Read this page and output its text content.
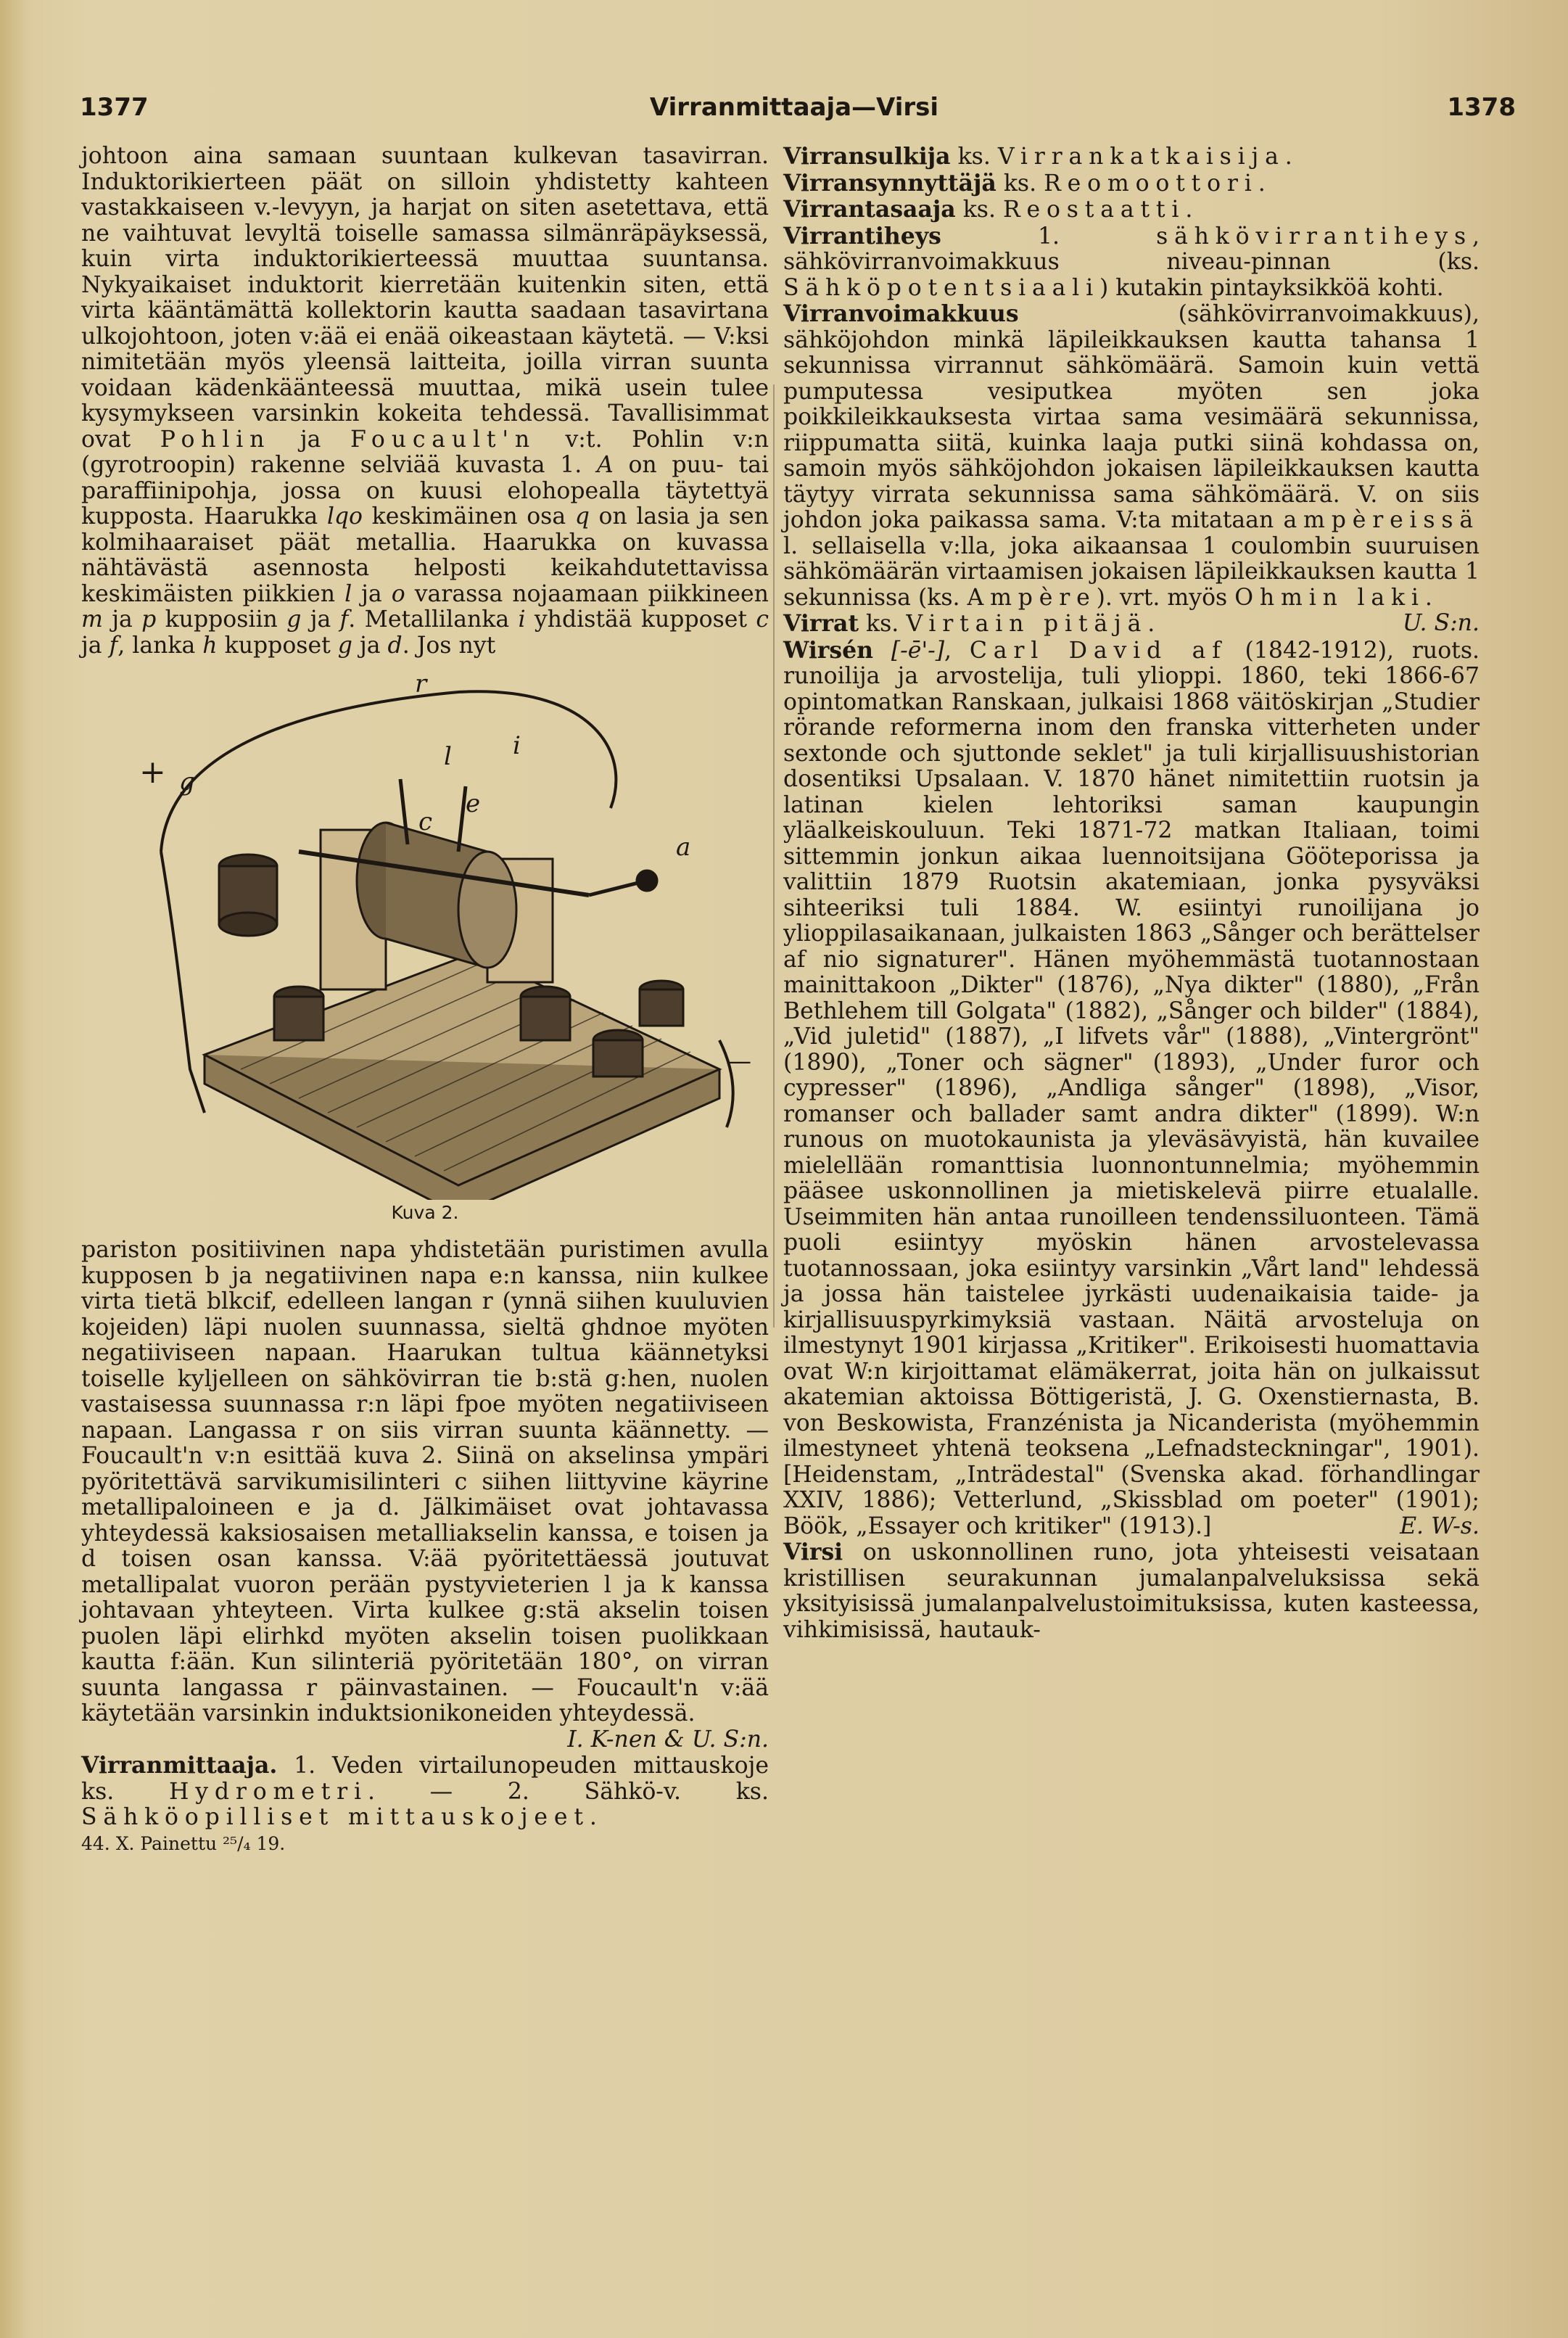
1377	Virranmittaaja—Virsi	1378

johtoon aina samaan suuntaan kulkevan tasavirran. Induktorikierteen päät on silloin yhdistetty kahteen vastakkaiseen v.-levyyn, ja harjat on siten asetettava, että ne vaihtuvat levyltä toiselle samassa silmänräpäyksessä, kuin virta induktorikierteessä muuttaa suuntansa. Nykyaikaiset induktorit kierretään kuitenkin siten, että virta kääntämättä kollektorin kautta saadaan tasavirtana ulkojohtoon, joten v:ää ei enää oikeastaan käytetä. — V:ksi nimitetään myös yleensä laitteita, joilla virran suunta voidaan kädenkäänteessä muuttaa, mikä usein tulee kysymykseen varsinkin kokeita tehdessä. Tavallisimmat ovat Pohlin ja Foucault'n v:t. Pohlin v:n (gyrotroopin) rakenne selviää kuvasta 1. A on puu- tai paraffiinipohja, jossa on kuusi elohopealla täytettyä kupposta. Haarukka lqo keskimäinen osa q on lasia ja sen kolmihaaraiset päät metallia. Haarukka on kuvassa nähtävästä asennosta helposti keikahdutettavissa keskimäisten piikkien l ja o varassa nojaamaan piikkineen m ja p kupposiin g ja f. Metallilanka i yhdistää kupposet c ja f, lanka h kupposet g ja d. Jos nyt

r
l i
e
g
+
c
a
—
Kuva 2.

pariston positiivinen napa yhdistetään puristimen avulla kupposen b ja negatiivinen napa e:n kanssa, niin kulkee virta tietä blkcif, edelleen langan r (ynnä siihen kuuluvien kojeiden) läpi nuolen suunnassa, sieltä ghdnoe myöten negatiiviseen napaan. Haarukan tultua käännetyksi toiselle kyljelleen on sähkövirran tie b:stä g:hen, nuolen vastaisessa suunnassa r:n läpi fpoe myöten negatiiviseen napaan. Langassa r on siis virran suunta käännetty. — Foucault'n v:n esittää kuva 2. Siinä on akselinsa ympäri pyöritettävä sarvikumisilinteri c siihen liittyvine käyrine metallipaloineen e ja d. Jälkimäiset ovat johtavassa yhteydessä kaksiosaisen metalliakselin kanssa, e toisen ja d toisen osan kanssa. V:ää pyöritettäessä joutuvat metallipalat vuoron perään pystyvieterien l ja k kanssa johtavaan yhteyteen. Virta kulkee g:stä akselin toisen puolen läpi elirhkd myöten akselin toisen puolikkaan kautta f:ään. Kun silinteriä pyöritetään 180°, on virran suunta langassa r päinvastainen. — Foucault'n v:ää käytetään varsinkin induktsionikoneiden yhteydessä.

I. K-nen & U. S:n.

Virranmittaaja. 1. Veden virtailunopeuden mittauskoje ks. Hydrometri. — 2. Sähkö-v. ks. Sähköopilliset mittauskojeet.

44. X. Painettu ²⁵/₄ 19.

Virransulkija ks. Virrankatkaisija.

Virransynnyttäjä ks. Reomoottori.

Virrantasaaja ks. Reostaatti.

Virrantiheys	1.	sähkövirrantiheys, sähkövirranvoimakkuus niveau-pinnan (ks. Sähköpotentsiaali) kutakin pintayksikköä kohti.

Virranvoimakkuus	(sähkövirranvoimakkuus), sähköjohdon minkä läpileikkauksen kautta tahansa 1 sekunnissa virrannut sähkömäärä. Samoin kuin vettä pumputessa vesiputkea myöten sen joka poikkileikkauksesta virtaa sama vesimäärä sekunnissa, riippumatta siitä, kuinka laaja putki siinä kohdassa on, samoin myös sähköjohdon jokaisen läpileikkauksen kautta täytyy virrata sekunnissa sama sähkömäärä. V. on siis johdon joka paikassa sama. V:ta mitataan ampèreissä l. sellaisella v:lla, joka aikaansaa 1 coulombin suuruisen sähkömäärän virtaamisen jokaisen läpileikkauksen kautta 1 sekunnissa (ks. Ampère). vrt. myös Ohmin laki.
U. S:n.

Virrat ks. Virtain pitäjä.

Wirsén [-ē'-], Carl David af (1842-1912), ruots. runoilija ja arvostelija, tuli ylioppi. 1860, teki 1866-67 opintomatkan Ranskaan, julkaisi 1868 väitöskirjan „Studier rörande reformerna inom den franska vitterheten under sextonde och sjuttonde seklet" ja tuli kirjallisuushistorian dosentiksi Upsalaan. V. 1870 hänet nimitettiin ruotsin ja latinan kielen lehtoriksi saman kaupungin yläalkeiskouluun. Teki 1871-72 matkan Italiaan, toimi sittemmin jonkun aikaa luennoitsijana Gööteporissa ja valittiin 1879 Ruotsin akatemiaan, jonka pysyväksi sihteeriksi tuli 1884. W. esiintyi runoilijana jo ylioppilasaikanaan, julkaisten 1863 „Sånger och berättelser af nio signaturer". Hänen myöhemmästä tuotannostaan mainittakoon „Dikter" (1876), „Nya dikter" (1880), „Från Bethlehem till Golgata" (1882), „Sånger och bilder" (1884), „Vid juletid" (1887), „I lifvets vår" (1888), „Vintergrönt" (1890), „Toner och sägner" (1893), „Under furor och cypresser" (1896), „Andliga sånger" (1898), „Visor, romanser och ballader samt andra dikter" (1899). W:n runous on muotokaunista ja yleväsävyistä, hän kuvailee mielellään romanttisia luonnontunnelmia; myöhemmin pääsee uskonnollinen ja mietiskelevä piirre etualalle. Useimmiten hän antaa runoilleen tendenssiluonteen. Tämä puoli esiintyy myöskin hänen arvostelevassa tuotannossaan, joka esiintyy varsinkin „Vårt land" lehdessä ja jossa hän taistelee jyrkästi uudenaikaisia taide- ja kirjallisuuspyrkimyksiä vastaan. Näitä arvosteluja on ilmestynyt 1901 kirjassa „Kritiker". Erikoisesti huomattavia ovat W:n kirjoittamat elämäkerrat, joita hän on julkaissut akatemian aktoissa Böttigeristä, J. G. Oxenstiernasta, B. von Beskowista, Franzénista ja Nicanderista (myöhemmin ilmestyneet yhtenä teoksena „Lefnadsteckningar", 1901). [Heidenstam, „Inträdestal" (Svenska akad. förhandlingar XXIV, 1886); Vetterlund, „Skissblad om poeter" (1901); Böök, „Essayer och kritiker" (1913).]	E. W-s.

Virsi on uskonnollinen runo, jota yhteisesti veisataan kristillisen seurakunnan jumalanpalveluksissa sekä yksityisissä jumalanpalvelustoimituksissa, kuten kasteessa, vihkimisissä, hautauk-
